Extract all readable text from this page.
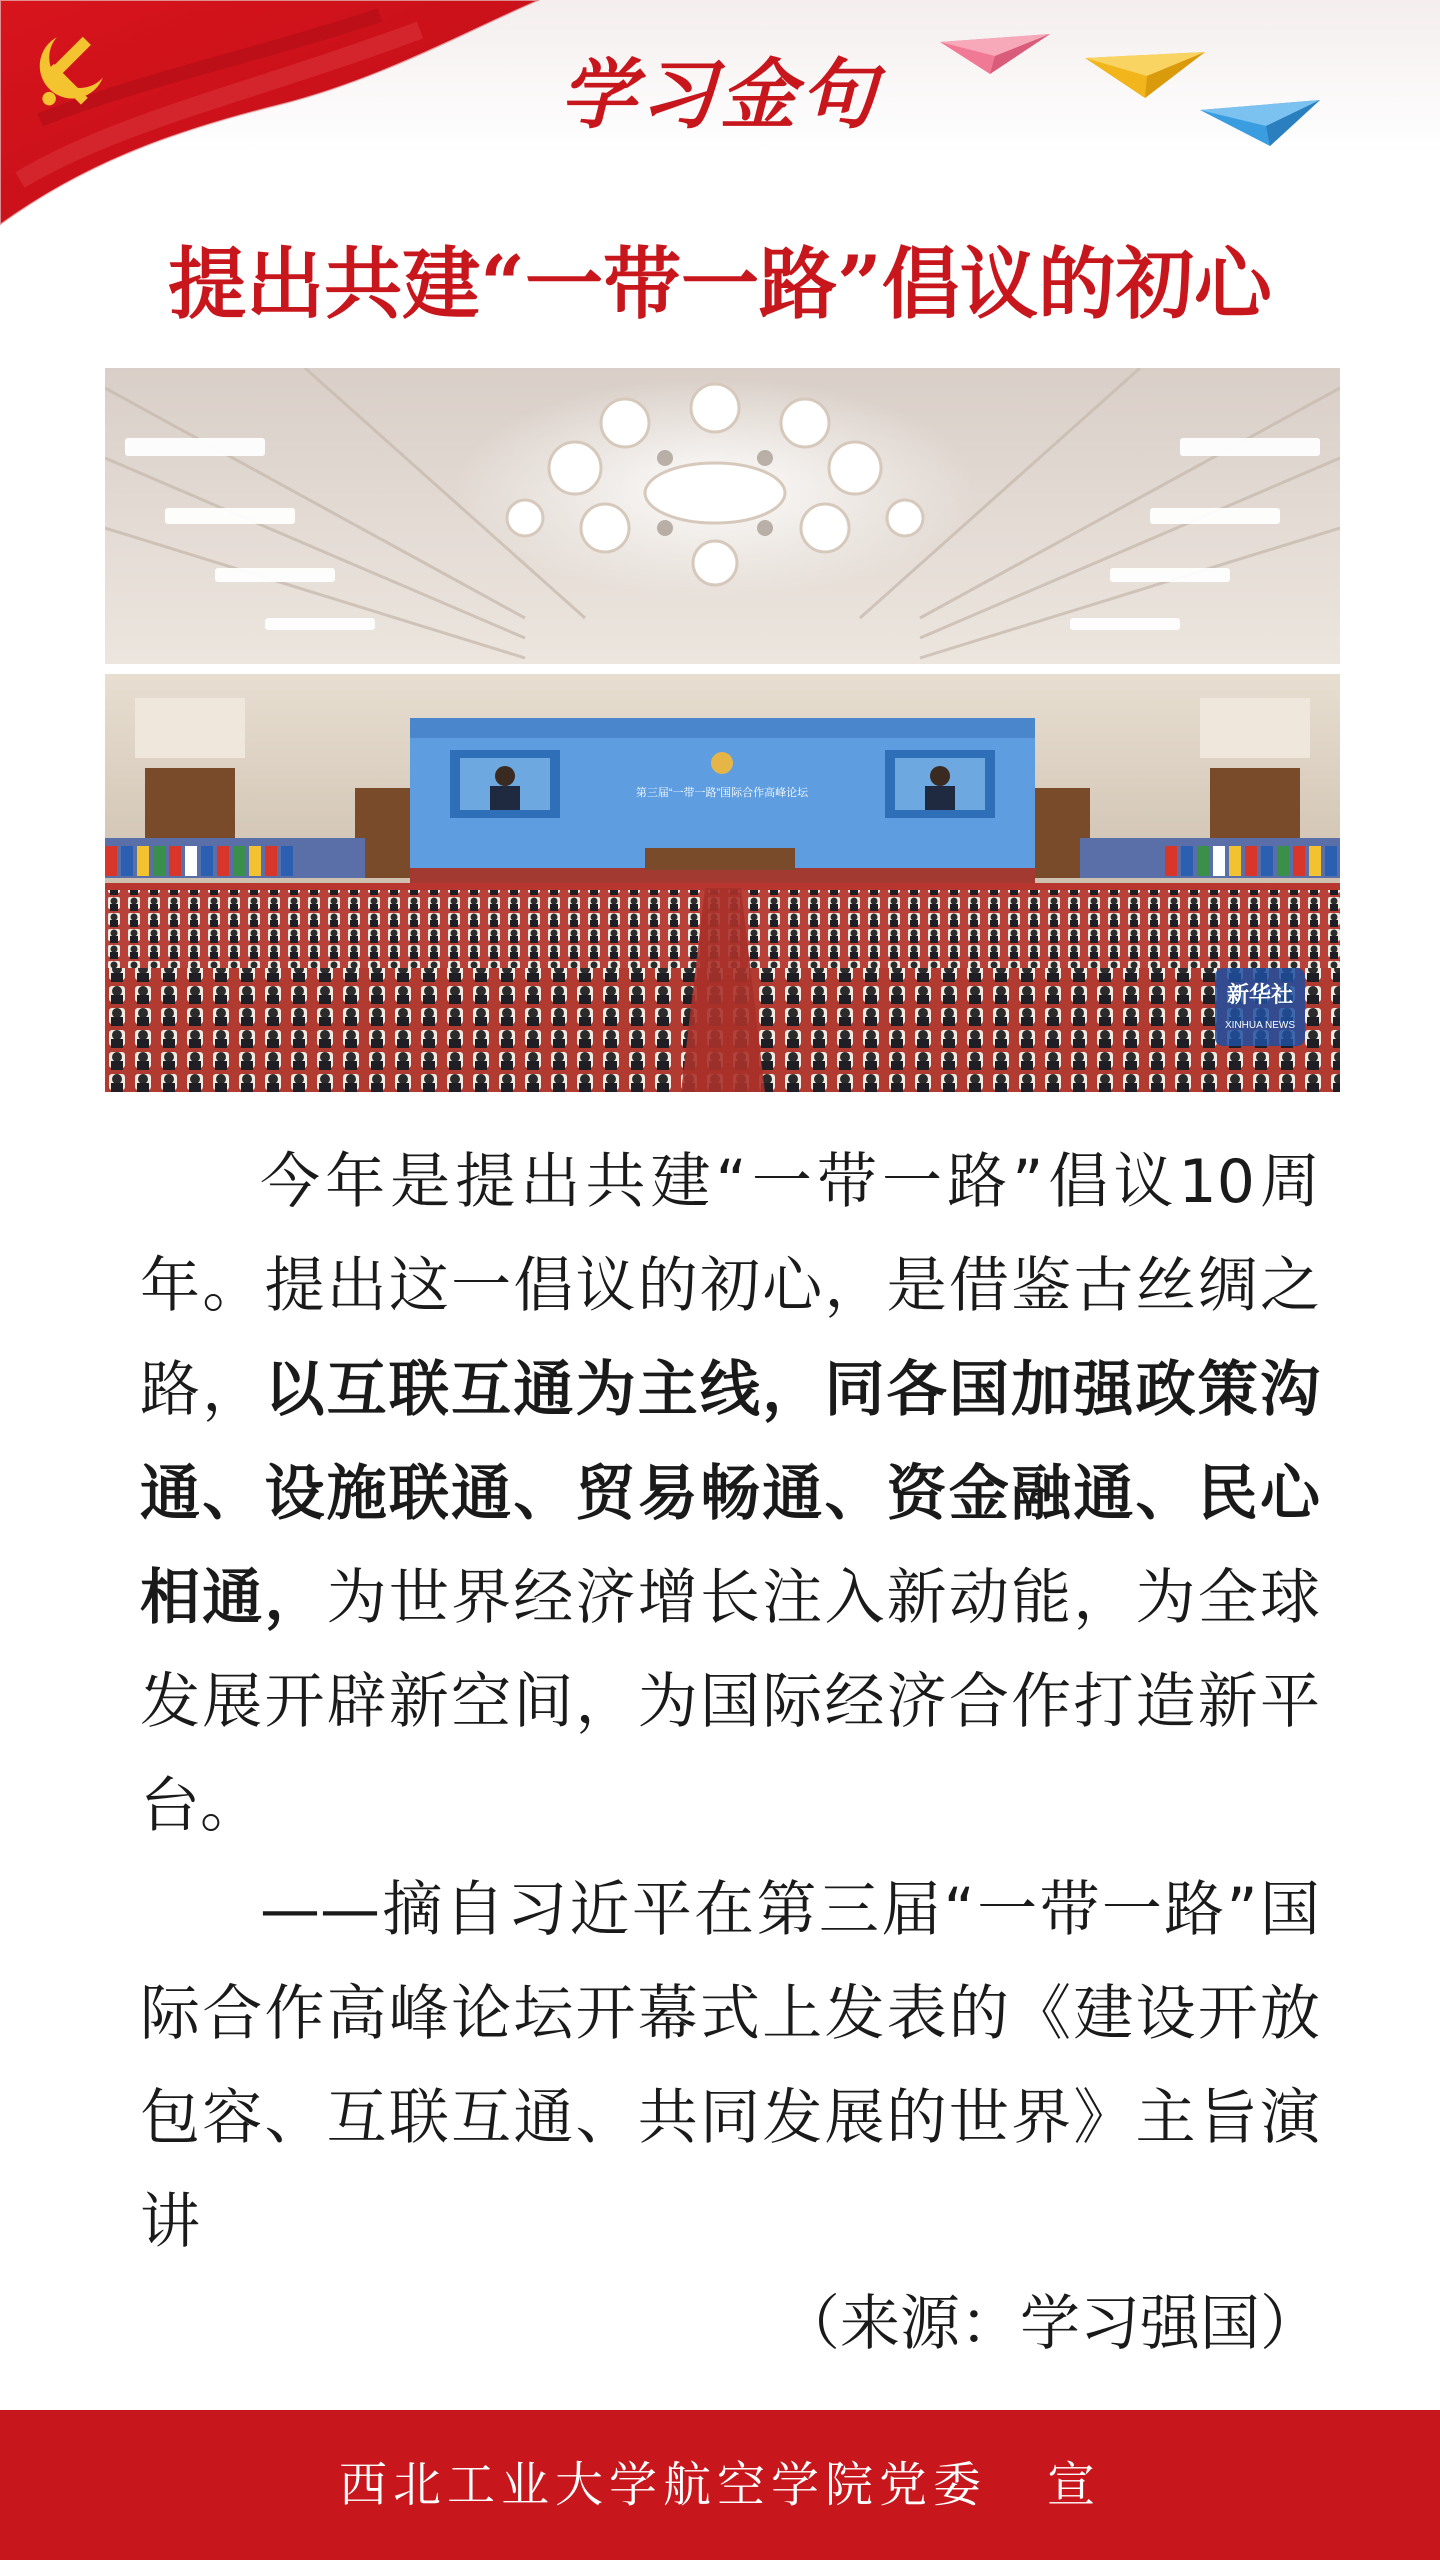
学习金句
提出共建“一带一路”倡议的初心
第三届“一带一路”国际合作高峰论坛
新华社
XINHUA NEWS

今年是提出共建“一带一路”倡议10周年。提出这一倡议的初心，是借鉴古丝绸之路，以互联互通为主线，同各国加强政策沟通、设施联通、贸易畅通、资金融通、民心相通，为世界经济增长注入新动能，为全球发展开辟新空间，为国际经济合作打造新平台。

——摘自习近平在第三届“一带一路”国际合作高峰论坛开幕式上发表的《建设开放包容、互联互通、共同发展的世界》主旨演讲

（来源：学习强国）
西北工业大学航空学院党委 宣
